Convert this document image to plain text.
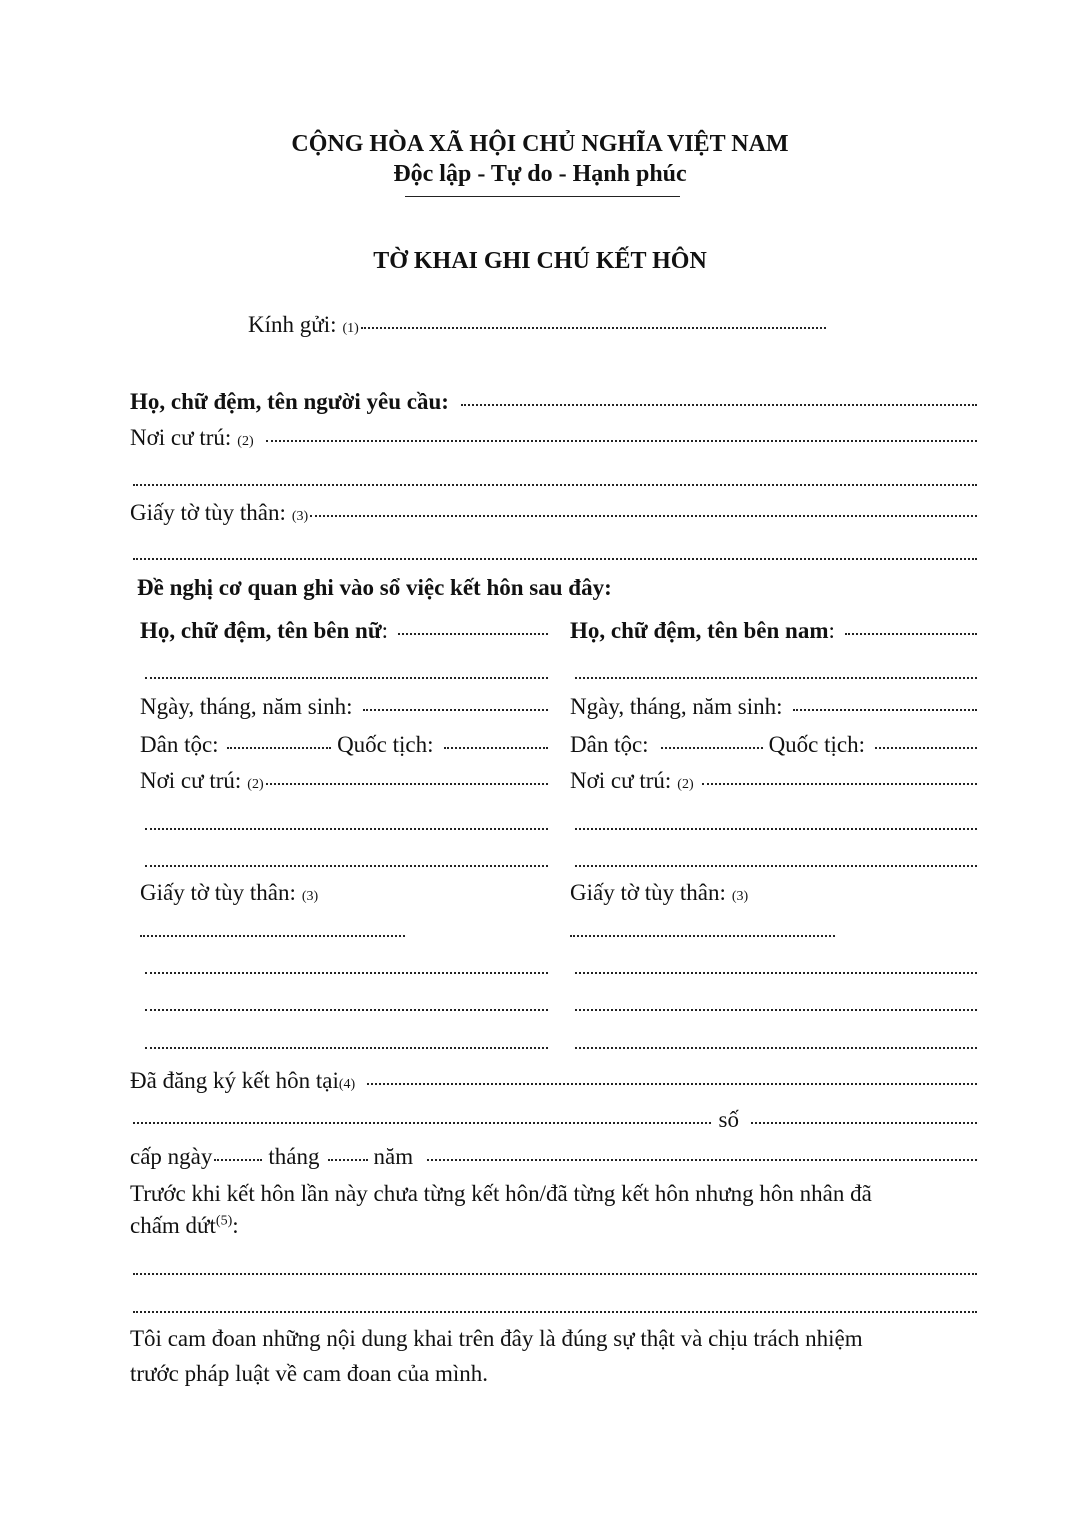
CỘNG HÒA XÃ HỘI CHỦ NGHĨA VIỆT NAM
Độc lập - Tự do - Hạnh phúc
TỜ KHAI GHI CHÚ KẾT HÔN
Kính gửi: (1)
Họ, chữ đệm, tên người yêu cầu:
Nơi cư trú: (2)
Giấy tờ tùy thân: (3)
Đề nghị cơ quan ghi vào sổ việc kết hôn sau đây:
Họ, chữ đệm, tên bên nữ :
Ngày, tháng, năm sinh:
Dân tộc:	Quốc tịch:
Nơi cư trú: (2)
Giấy tờ tùy thân: (3)
Họ, chữ đệm, tên bên nam :
Ngày, tháng, năm sinh:
Dân tộc:	Quốc tịch:
Nơi cư trú: (2)
Giấy tờ tùy thân: (3)
Đã đăng ký kết hôn tại (4)
số
cấp ngày tháng năm
Trước khi kết hôn lần này chưa từng kết hôn/đã từng kết hôn nhưng hôn nhân đã
chấm dứt$^{(5)}$:
Tôi cam đoan những nội dung khai trên đây là đúng sự thật và chịu trách nhiệm
trước pháp luật về cam đoan của mình.
